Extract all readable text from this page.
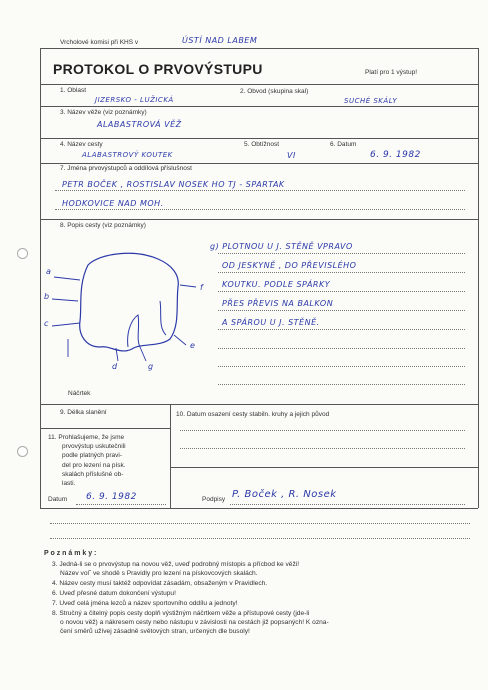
Vrcholové komisi při KHS v	ÚSTÍ NAD LABEM
PROTOKOL O PRVOVÝSTUPU	Platí pro 1 výstup!
1. Oblast
JIZERSKO - LUŽICKÁ
2. Obvod (skupina skal)
SUCHÉ SKÁLY
3. Název věže (viz poznámky)
ALABASTROVÁ VĚŽ
4. Název cesty
ALABASTROVÝ KOUTEK
5. Obtížnost
VI
6. Datum
6. 9. 1982
7. Jména prvovýstupců a oddílová příslušnost
PETR BOČEK , ROSTISLAV NOSEK HO TJ - SPARTAK
HODKOVICE NAD MOH.
8. Popis cesty (viz poznámky)
a
b
c
d	g
e
f
Náčrtek
g) PLOTNOU U J. STĚNĚ VPRAVO
OD JESKYNĚ , DO PŘEVISLÉHO
KOUTKU. PODLE SPÁRKY
PŘES PŘEVIS NA BALKON
A SPÁROU U J. STĚNĚ.
9. Délka slanění	10. Datum osazení cesty stabiln. kruhy a jejich původ
11. Prohlašujeme, že jsme
prvovýstup uskutečnili
podle platných pravi-
del pro lezení na písk.
skalách příslušné ob-
lasti.
Datum 6. 9. 1982	Podpisy P. Boček , R. Nosek
P o z n á m k y :
3. Jedná-li se o prvovýstup na novou věž, uveď podrobný místopis a přícbod ke věži!
Název volˇ ve shodě s Pravidly pro lezení na pískovcových skalách.
4. Název cesty musí taktéž odpovídat zásadám, obsaženým v Pravidlech.
6. Uveď přesné datum dokončení výstupu!
7. Uveď celá jména lezců a název sportovního oddílu a jednoty!
8. Stručný a čitelný popis cesty doplň výstižným náčrtkem věže a přístupové cesty (jde-li
o novou věž) a nákresem cesty nebo nástupu v závislosti na cestách již popsaných! K ozna-
čení směrů užívej zásadně světových stran, určených dle busoly!
